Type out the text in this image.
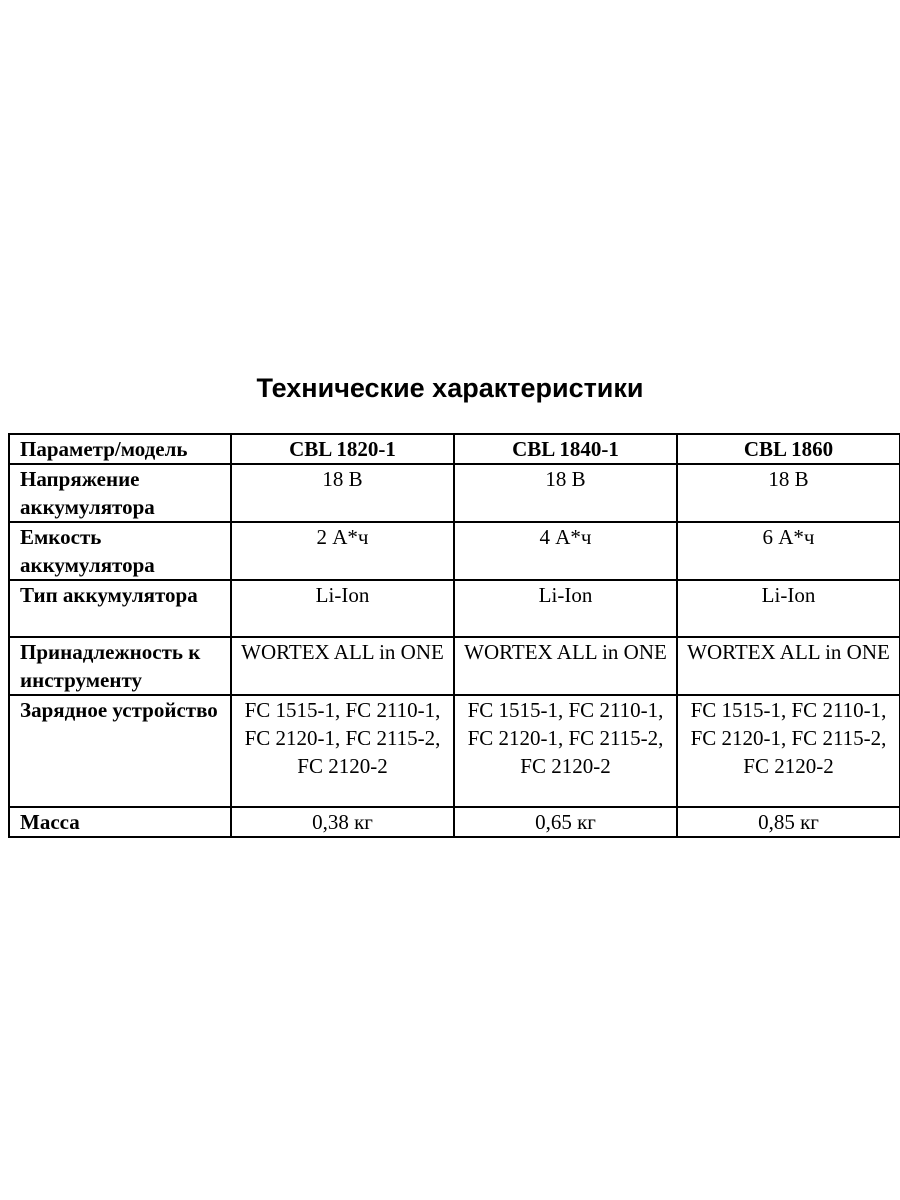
Технические характеристики
Параметр/модель	CBL 1820-1	CBL 1840-1	CBL 1860
Напряжение аккумулятора	18 В	18 В	18 В
Емкость аккумулятора	2 А*ч	4 А*ч	6 А*ч
Тип аккумулятора	Li-Ion	Li-Ion	Li-Ion
Принадлежность к инструменту	WORTEX ALL in ONE	WORTEX ALL in ONE	WORTEX ALL in ONE
Зарядное устройство	FC 1515-1, FC 2110-1, FC 2120-1, FC 2115-2, FC 2120-2	FC 1515-1, FC 2110-1, FC 2120-1, FC 2115-2, FC 2120-2	FC 1515-1, FC 2110-1, FC 2120-1, FC 2115-2, FC 2120-2
Масса	0,38 кг	0,65 кг	0,85 кг
